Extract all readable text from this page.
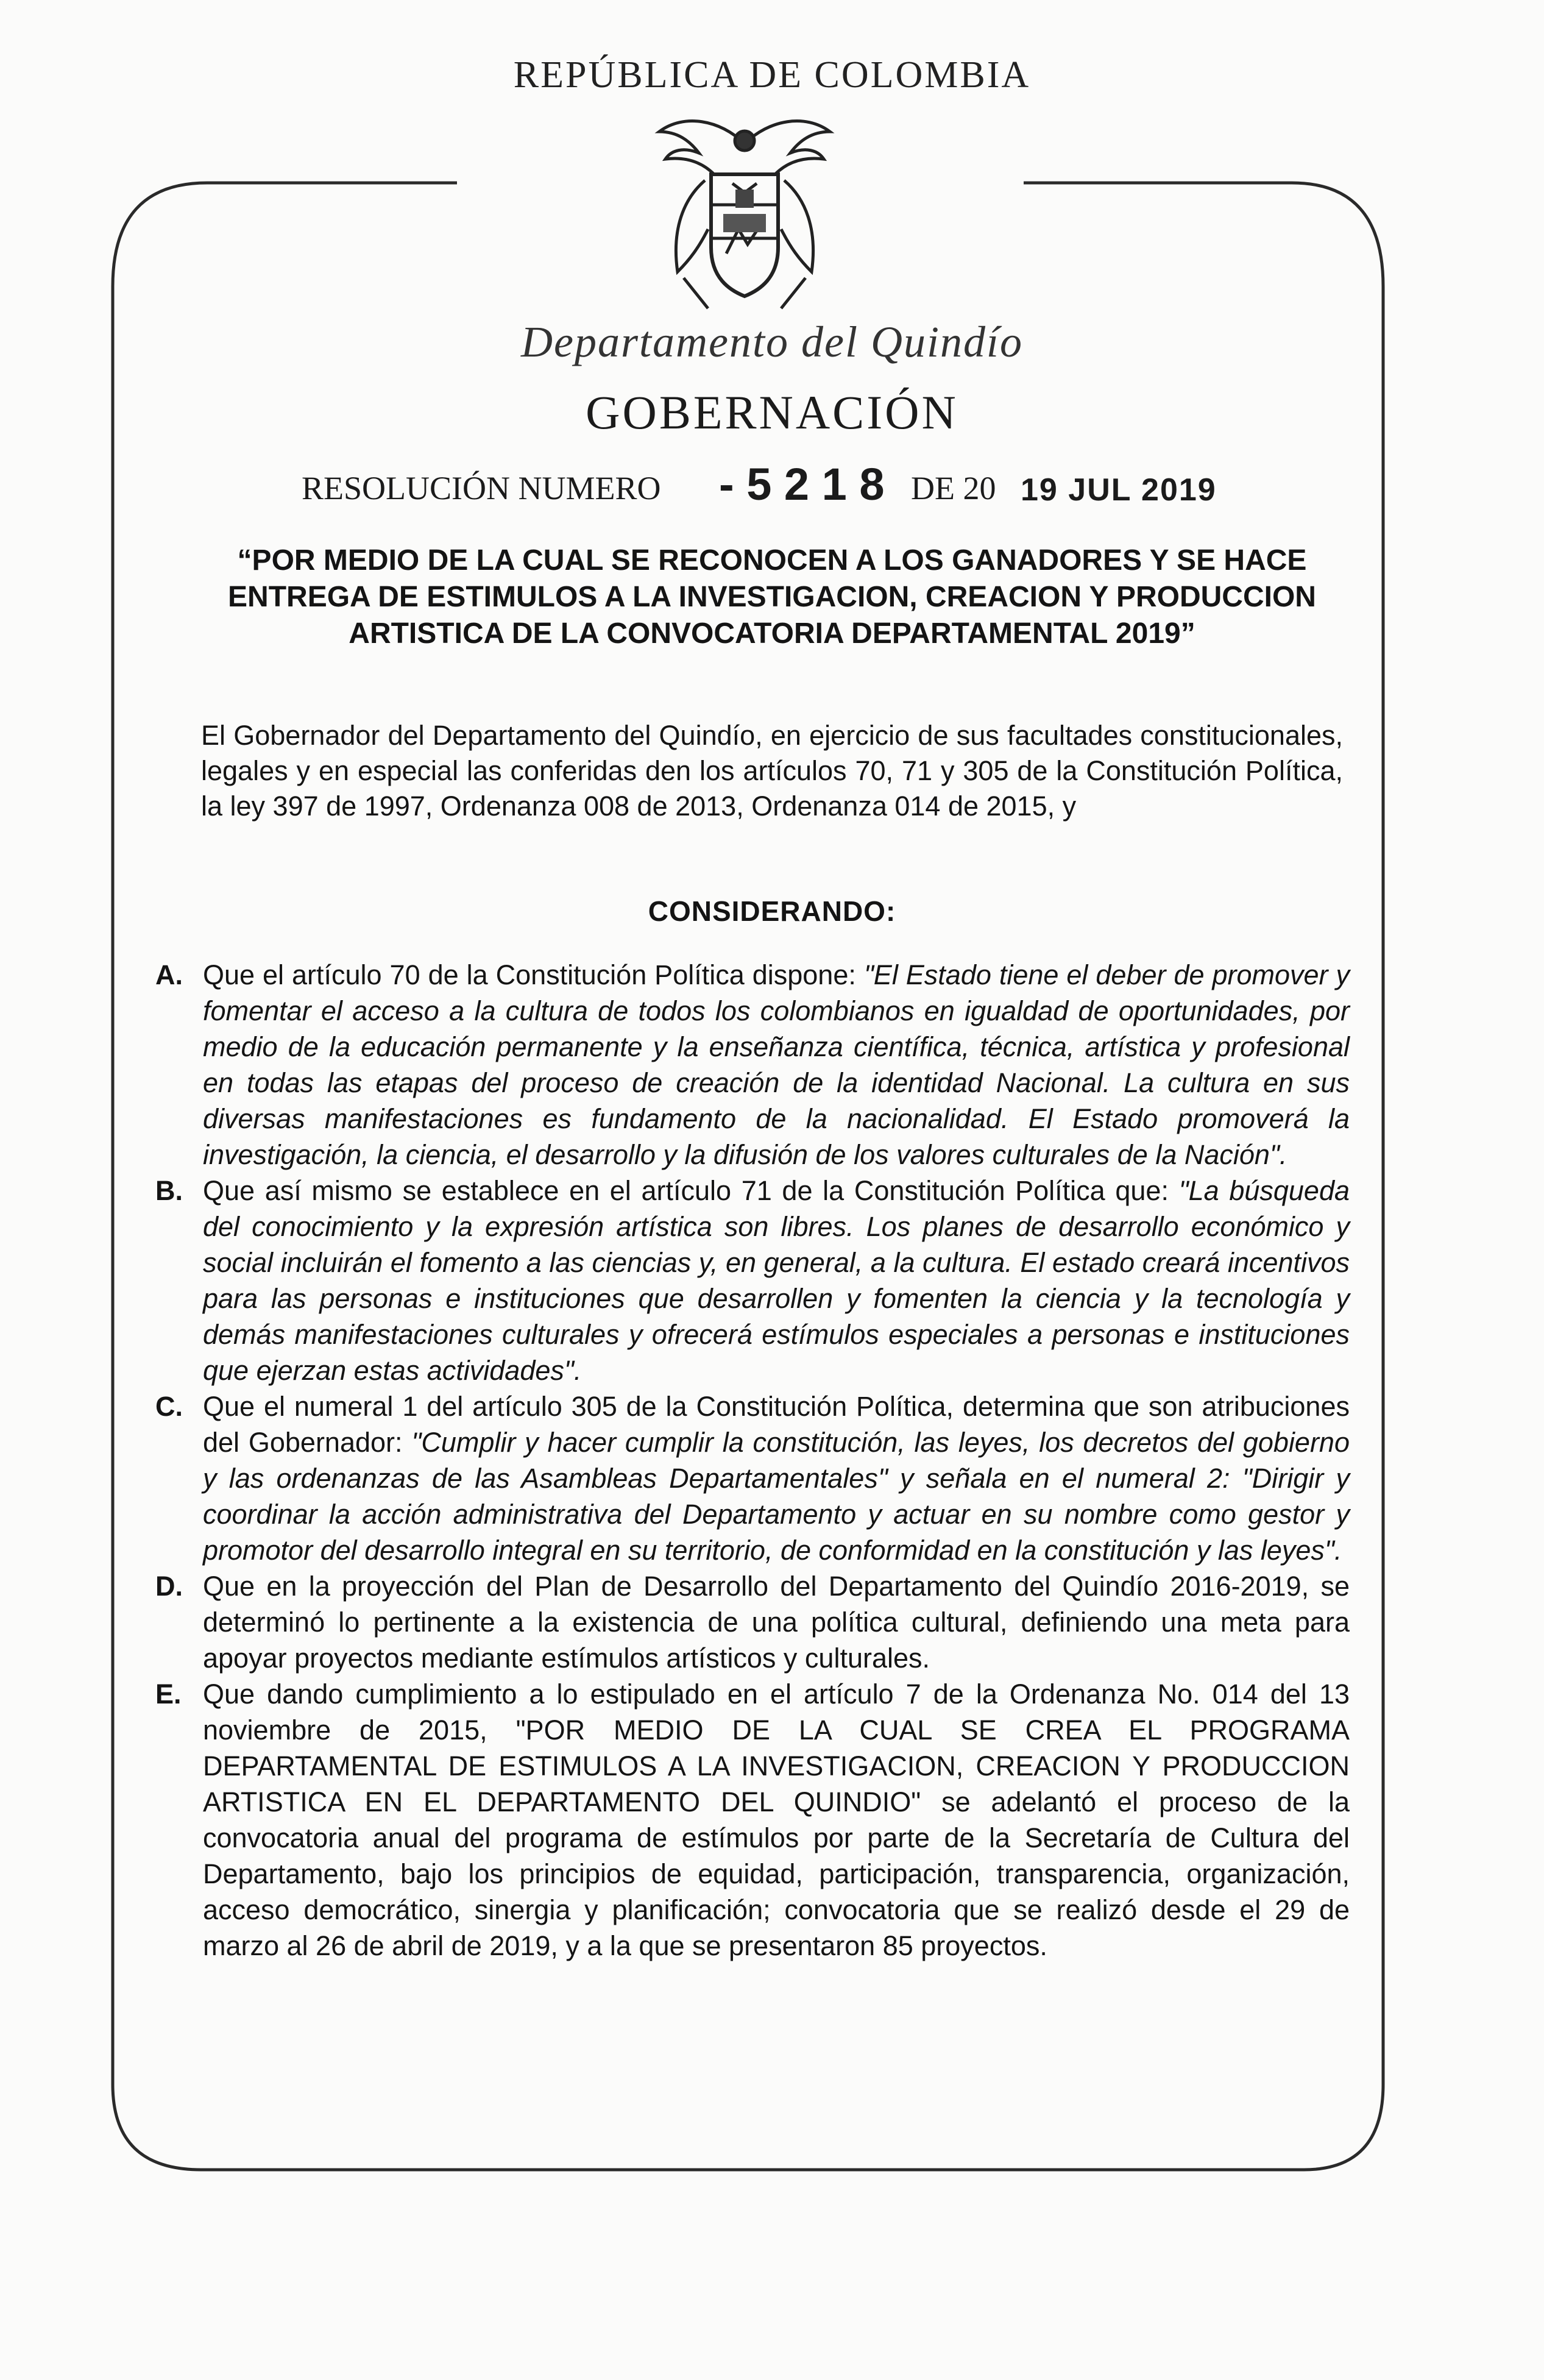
REPÚBLICA DE COLOMBIA
Departamento del Quindío
GOBERNACIÓN
RESOLUCIÓN NUMERO - 5 2 1 8 DE 20 19 JUL 2019
“POR MEDIO DE LA CUAL SE RECONOCEN A LOS GANADORES Y SE HACE ENTREGA DE ESTIMULOS A LA INVESTIGACION, CREACION Y PRODUCCION ARTISTICA DE LA CONVOCATORIA DEPARTAMENTAL 2019”
El Gobernador del Departamento del Quindío, en ejercicio de sus facultades constitucionales, legales y en especial las conferidas den los artículos 70, 71 y 305 de la Constitución Política, la ley 397 de 1997, Ordenanza 008 de 2013, Ordenanza 014 de 2015, y
CONSIDERANDO:
A. Que el artículo 70 de la Constitución Política dispone: "El Estado tiene el deber de promover y fomentar el acceso a la cultura de todos los colombianos en igualdad de oportunidades, por medio de la educación permanente y la enseñanza científica, técnica, artística y profesional en todas las etapas del proceso de creación de la identidad Nacional. La cultura en sus diversas manifestaciones es fundamento de la nacionalidad. El Estado promoverá la investigación, la ciencia, el desarrollo y la difusión de los valores culturales de la Nación".
B. Que así mismo se establece en el artículo 71 de la Constitución Política que: "La búsqueda del conocimiento y la expresión artística son libres. Los planes de desarrollo económico y social incluirán el fomento a las ciencias y, en general, a la cultura. El estado creará incentivos para las personas e instituciones que desarrollen y fomenten la ciencia y la tecnología y demás manifestaciones culturales y ofrecerá estímulos especiales a personas e instituciones que ejerzan estas actividades".
C. Que el numeral 1 del artículo 305 de la Constitución Política, determina que son atribuciones del Gobernador: "Cumplir y hacer cumplir la constitución, las leyes, los decretos del gobierno y las ordenanzas de las Asambleas Departamentales" y señala en el numeral 2: "Dirigir y coordinar la acción administrativa del Departamento y actuar en su nombre como gestor y promotor del desarrollo integral en su territorio, de conformidad en la constitución y las leyes".
D. Que en la proyección del Plan de Desarrollo del Departamento del Quindío 2016-2019, se determinó lo pertinente a la existencia de una política cultural, definiendo una meta para apoyar proyectos mediante estímulos artísticos y culturales.
E. Que dando cumplimiento a lo estipulado en el artículo 7 de la Ordenanza No. 014 del 13 noviembre de 2015, "POR MEDIO DE LA CUAL SE CREA EL PROGRAMA DEPARTAMENTAL DE ESTIMULOS A LA INVESTIGACION, CREACION Y PRODUCCION ARTISTICA EN EL DEPARTAMENTO DEL QUINDIO" se adelantó el proceso de la convocatoria anual del programa de estímulos por parte de la Secretaría de Cultura del Departamento, bajo los principios de equidad, participación, transparencia, organización, acceso democrático, sinergia y planificación; convocatoria que se realizó desde el 29 de marzo al 26 de abril de 2019, y a la que se presentaron 85 proyectos.
